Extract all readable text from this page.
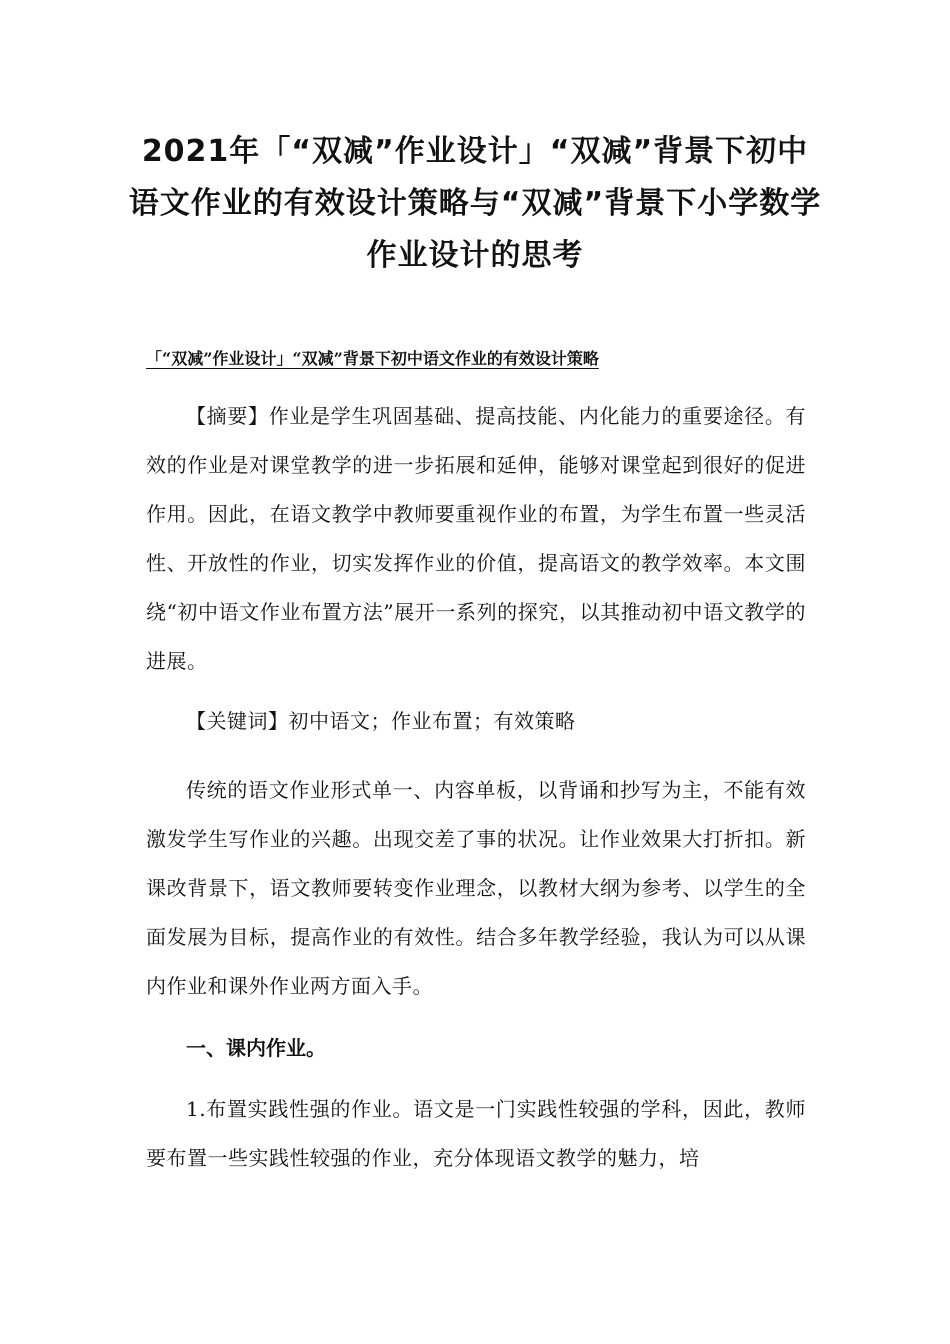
2021年「“双减”作业设计」“双减”背景下初中
语文作业的有效设计策略与“双减”背景下小学数学
作业设计的思考
「“双减”作业设计」“双减”背景下初中语文作业的有效设计策略

【摘要】作业是学生巩固基础、提高技能、内化能力的重要途径。有效的作业是对课堂教学的进一步拓展和延伸，能够对课堂起到很好的促进作用。因此，在语文教学中教师要重视作业的布置，为学生布置一些灵活性、开放性的作业，切实发挥作业的价值，提高语文的教学效率。本文围绕“初中语文作业布置方法”展开一系列的探究，以其推动初中语文教学的进展。

【关键词】初中语文；作业布置；有效策略

传统的语文作业形式单一、内容单板，以背诵和抄写为主，不能有效激发学生写作业的兴趣。出现交差了事的状况。让作业效果大打折扣。新课改背景下，语文教师要转变作业理念，以教材大纲为参考、以学生的全面发展为目标，提高作业的有效性。结合多年教学经验，我认为可以从课内作业和课外作业两方面入手。

一、课内作业。

1.布置实践性强的作业。语文是一门实践性较强的学科，因此，教师要布置一些实践性较强的作业，充分体现语文教学的魅力，培
